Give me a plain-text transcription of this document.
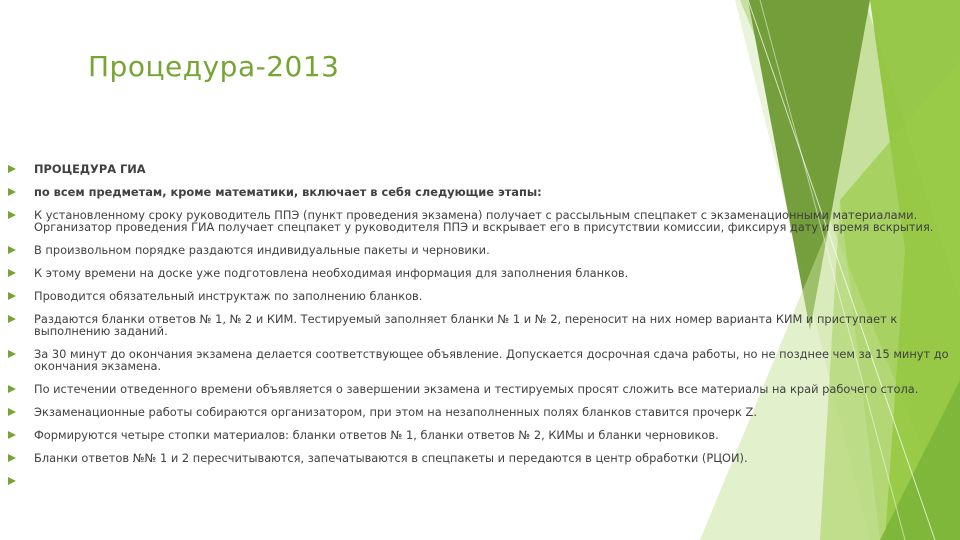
Процедура-2013
ПРОЦЕДУРА ГИА
по всем предметам, кроме математики, включает в себя следующие этапы:
К установленному сроку руководитель ППЭ (пункт проведения экзамена) получает с рассыльным спецпакет с экзаменационными материалами. Организатор проведения ГИА получает спецпакет у руководителя ППЭ и вскрывает его в присутствии комиссии, фиксируя дату и время вскрытия.
В произвольном порядке раздаются индивидуальные пакеты и черновики.
К этому времени на доске уже подготовлена необходимая информация для заполнения бланков.
Проводится обязательный инструктаж по заполнению бланков.
Раздаются бланки ответов № 1, № 2 и КИМ. Тестируемый заполняет бланки № 1 и № 2, переносит на них номер варианта КИМ и приступает к выполнению заданий.
За 30 минут до окончания экзамена делается соответствующее объявление. Допускается досрочная сдача работы, но не позднее чем за 15 минут до окончания экзамена.
По истечении отведенного времени объявляется о завершении экзамена и тестируемых просят сложить все материалы на край рабочего стола.
Экзаменационные работы собираются организатором, при этом на незаполненных полях бланков ставится прочерк Z.
Формируются четыре стопки материалов: бланки ответов № 1, бланки ответов № 2, КИМы и бланки черновиков.
Бланки ответов №№ 1 и 2 пересчитываются, запечатываются в спецпакеты и передаются в центр обработки (РЦОИ).
